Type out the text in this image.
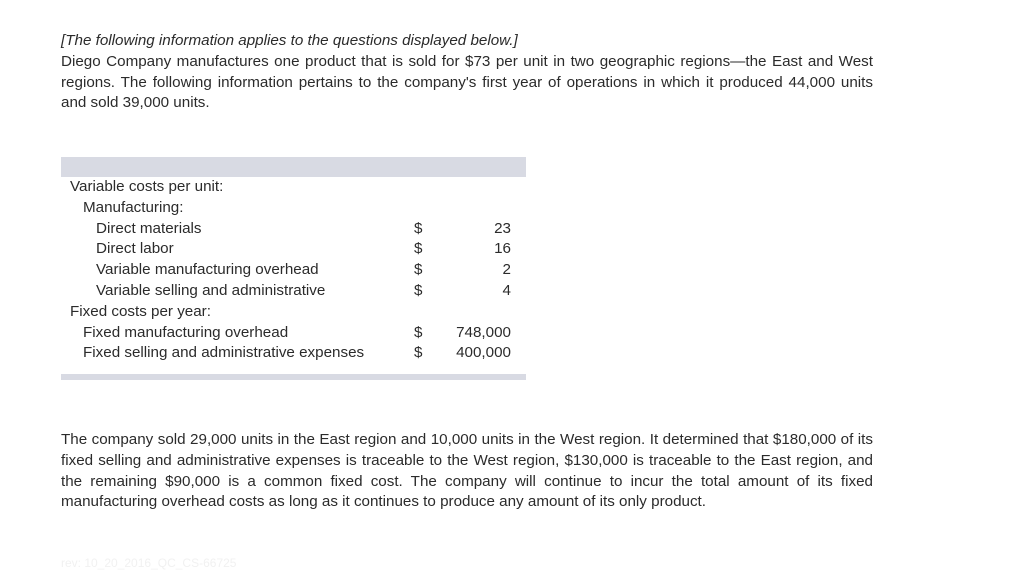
[The following information applies to the questions displayed below.]
Diego Company manufactures one product that is sold for $73 per unit in two geographic regions—the East and West regions. The following information pertains to the company's first year of operations in which it produced 44,000 units and sold 39,000 units.
Variable costs per unit:
Manufacturing:
Direct materials	$	23
Direct labor	$	16
Variable manufacturing overhead	$	2
Variable selling and administrative	$	4
Fixed costs per year:
Fixed manufacturing overhead	$	748,000
Fixed selling and administrative expenses	$	400,000
The company sold 29,000 units in the East region and 10,000 units in the West region. It determined that $180,000 of its fixed selling and administrative expenses is traceable to the West region, $130,000 is traceable to the East region, and the remaining $90,000 is a common fixed cost. The company will continue to incur the total amount of its fixed manufacturing overhead costs as long as it continues to produce any amount of its only product.
rev: 10_20_2016_QC_CS-66725
